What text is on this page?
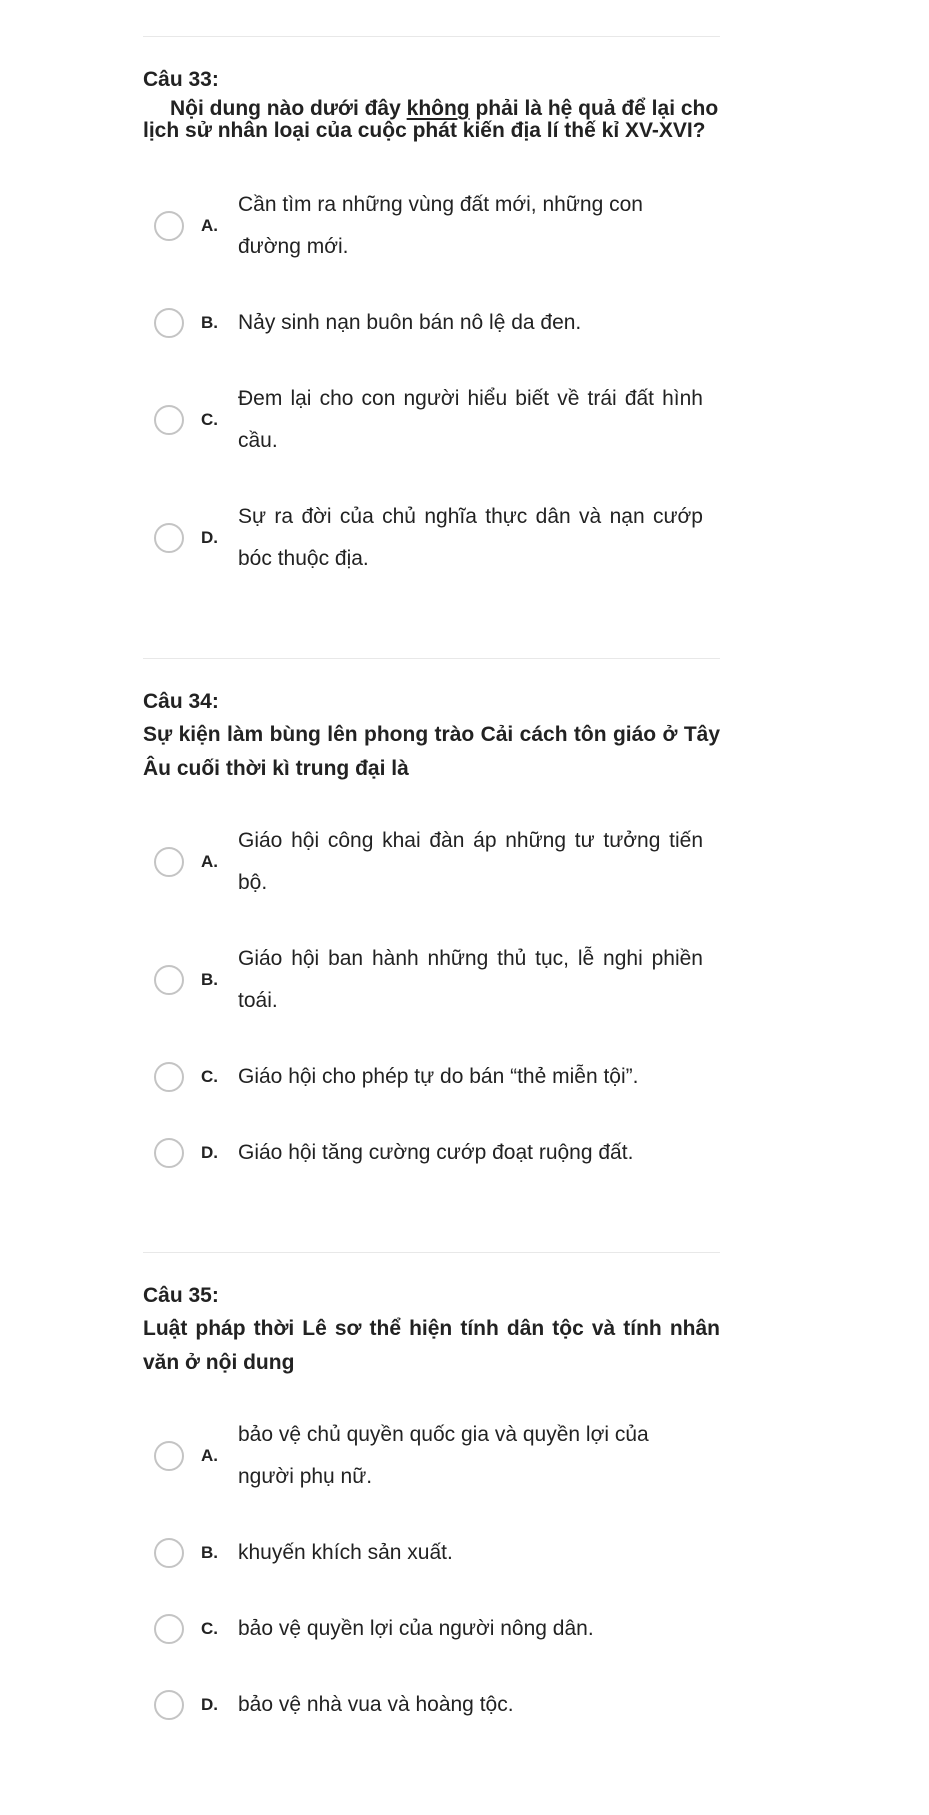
Câu 33:

Nội dung nào dưới đây không phải là hệ quả để lại cho lịch sử nhân loại của cuộc phát kiến địa lí thế kỉ XV-XVI?

A.
Cần tìm ra những vùng đất mới, những con đường mới.
B. Nảy sinh nạn buôn bán nô lệ da đen.
C.
Đem lại cho con người hiểu biết về trái đất hình cầu.
D.
Sự ra đời của chủ nghĩa thực dân và nạn cướp bóc thuộc địa.

Câu 34:

Sự kiện làm bùng lên phong trào Cải cách tôn giáo ở Tây Âu cuối thời kì trung đại là

A.
Giáo hội công khai đàn áp những tư tưởng tiến bộ.
B.
Giáo hội ban hành những thủ tục, lễ nghi phiền toái.
C. Giáo hội cho phép tự do bán “thẻ miễn tội”.
D. Giáo hội tăng cường cướp đoạt ruộng đất.

Câu 35:

Luật pháp thời Lê sơ thể hiện tính dân tộc và tính nhân văn ở nội dung

A.
bảo vệ chủ quyền quốc gia và quyền lợi của người phụ nữ.
B. khuyến khích sản xuất.
C. bảo vệ quyền lợi của người nông dân.
D. bảo vệ nhà vua và hoàng tộc.
